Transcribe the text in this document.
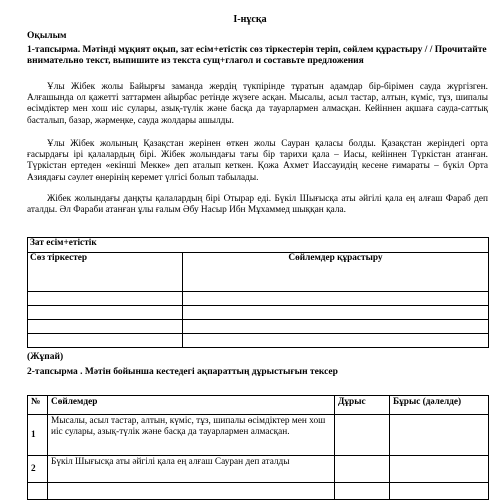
І-нұсқа
Оқылым
1-тапсырма. Мәтінді мұқият оқып, зат есім+етістік сөз тіркестерін теріп, сөйлем құрастыру / / Прочитайте внимательно текст, выпишите из текста сущ+глагол и составьте предложения
Ұлы Жібек жолы Байырғы заманда жердің түкпірінде тұратын адамдар бір-бірімен сауда жүргізген. Алғашында ол қажетті заттармен айырбас ретінде жүзеге асқан. Мысалы, асыл тастар, алтын, күміс, тұз, шипалы өсімдіктер мен хош иіс сулары, азық-түлік және басқа да тауарлармен алмасқан. Кейіннен ақшаға сауда-саттық басталып, базар, жәрмеңке, сауда жолдары ашылды.
Ұлы Жібек жолының Қазақстан жерінен өткен жолы Сауран қаласы болды. Қазақстан жеріндегі орта ғасырдағы ірі қалалардың бірі. Жібек жолындағы тағы бір тарихи қала – Иасы, кейіннен Түркістан атанған. Түркістан ертеден «екінші Мекке» деп аталып кеткен. Қожа Ахмет Иассауидің кесене ғимараты – бүкіл Орта Азиядағы сәулет өнерінің керемет үлгісі болып табылады.
Жібек жолындағы даңқты қалалардың бірі Отырар еді. Бүкіл Шығысқа аты әйгілі қала ең алғаш Фараб деп аталды. Әл Фараби атанған ұлы ғалым Әбу Насыр Ибн Мұхаммед шыққан қала.
Зат есім+етістік	
Сөз тіркестер	Сөйлемдер құрастыру

(Жұпай)
2-тапсырма . Мәтін бойынша кестедегі ақпараттың дұрыстығын тексер
№	Сөйлемдер	Дұрыс	Бұрыс (дәлелде)
1	Мысалы, асыл тастар, алтын, күміс, тұз, шипалы өсімдіктер мен хош иіс сулары, азық-түлік және басқа да тауарлармен алмасқан.		
2	Бүкіл Шығысқа аты әйгілі қала ең алғаш Сауран деп аталды		
